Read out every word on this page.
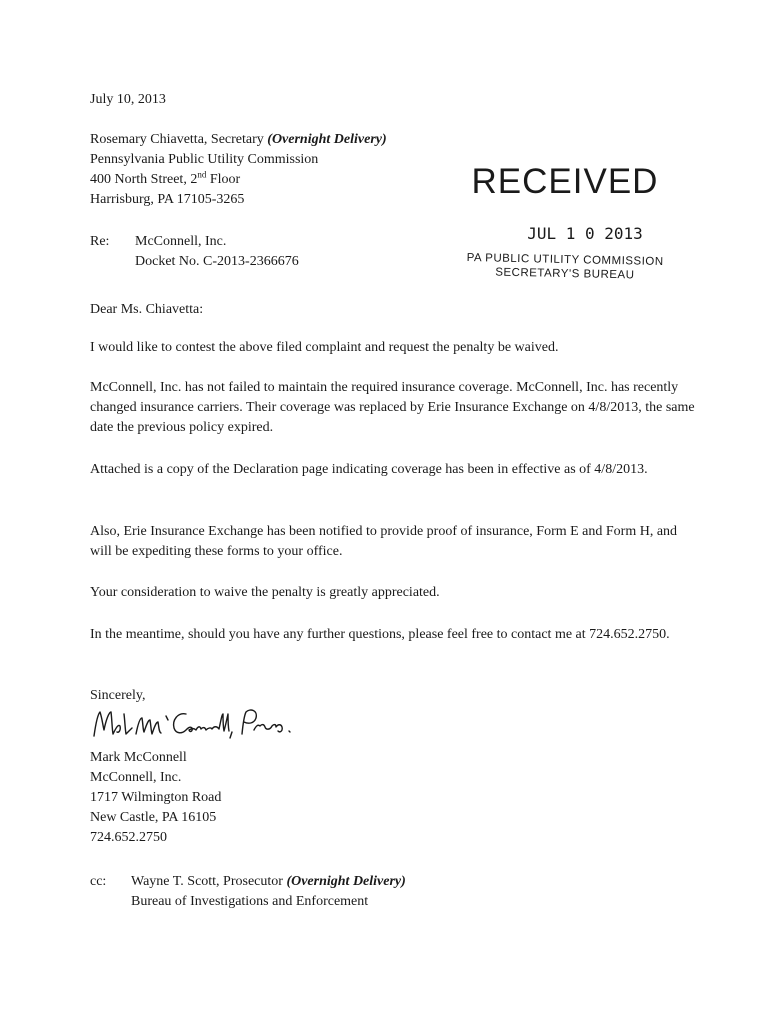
July 10, 2013
Rosemary Chiavetta, Secretary (Overnight Delivery)
Pennsylvania Public Utility Commission
400 North Street, 2nd Floor
Harrisburg, PA 17105-3265	RECEIVED
JUL 1 0 2013
PA PUBLIC UTILITY COMMISSION
SECRETARY'S BUREAU
Re: McConnell, Inc.
Docket No. C-2013-2366676
Dear Ms. Chiavetta:
I would like to contest the above filed complaint and request the penalty be waived.
McConnell, Inc. has not failed to maintain the required insurance coverage. McConnell, Inc. has recently changed insurance carriers. Their coverage was replaced by Erie Insurance Exchange on 4/8/2013, the same date the previous policy expired.
Attached is a copy of the Declaration page indicating coverage has been in effective as of 4/8/2013.
Also, Erie Insurance Exchange has been notified to provide proof of insurance, Form E and Form H, and will be expediting these forms to your office.
Your consideration to waive the penalty is greatly appreciated.
In the meantime, should you have any further questions, please feel free to contact me at 724.652.2750.
Sincerely,
Mark McConnell
McConnell, Inc.
1717 Wilmington Road
New Castle, PA 16105
724.652.2750
cc: Wayne T. Scott, Prosecutor (Overnight Delivery)
Bureau of Investigations and Enforcement
